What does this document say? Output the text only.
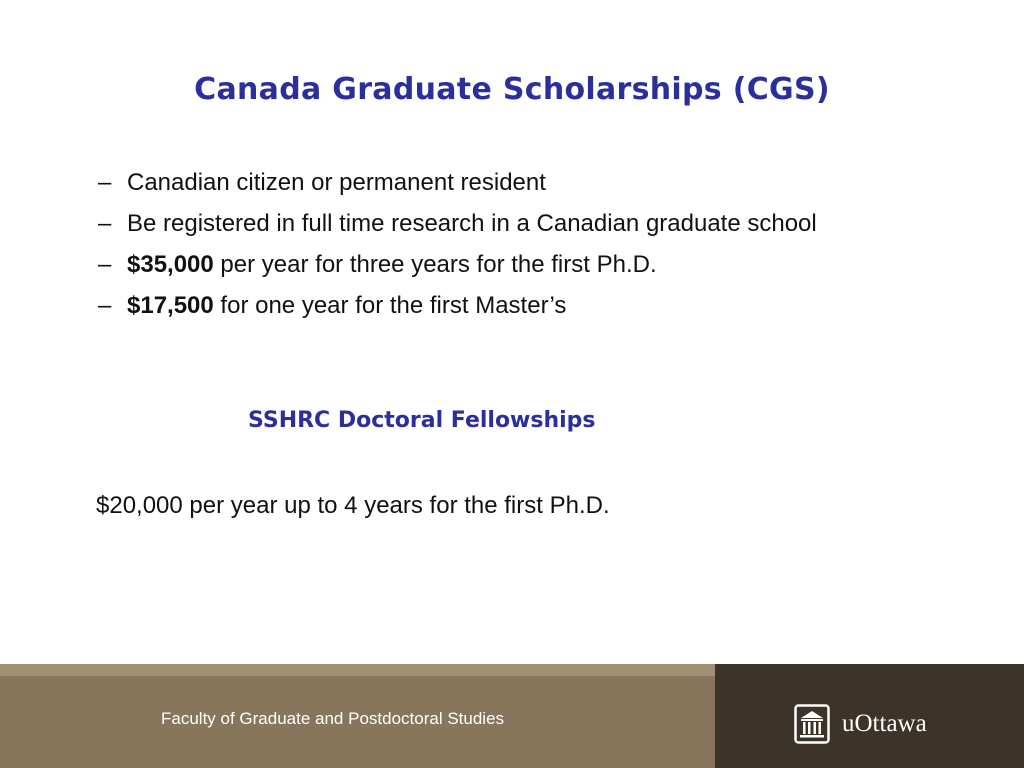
Canada Graduate Scholarships (CGS)
– Canadian citizen or permanent resident
– Be registered in full time research in a Canadian graduate school
– $35,000 per year for three years for the first Ph.D.
– $17,500 for one year for the first Master’s
SSHRC Doctoral Fellowships

$20,000 per year up to 4 years for the first Ph.D.

Faculty of Graduate and Postdoctoral Studies	uOttawa
